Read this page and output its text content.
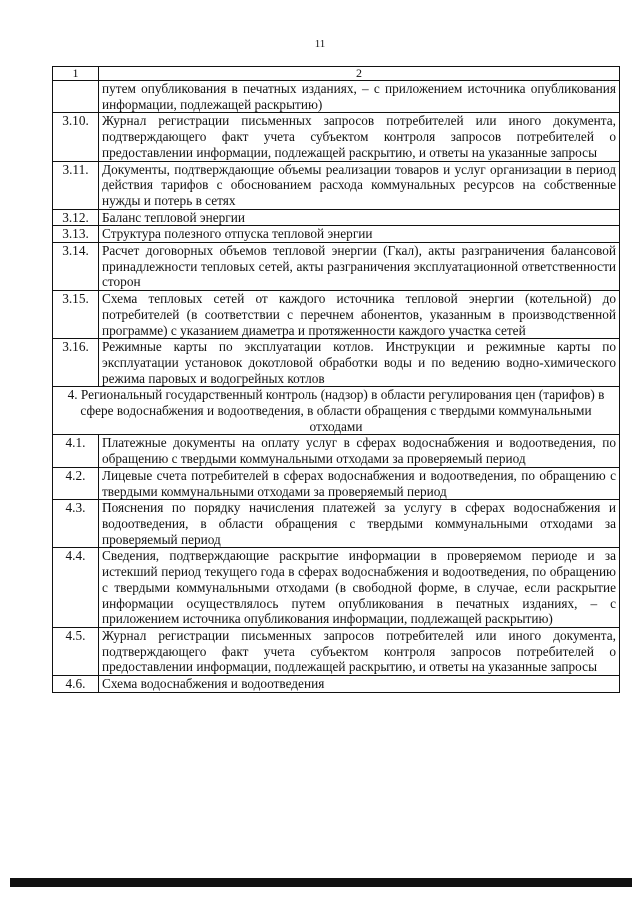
11
1	2
	путем опубликования в печатных изданиях, – с приложением источника опубликования информации, подлежащей раскрытию)
3.10.	Журнал регистрации письменных запросов потребителей или иного документа, подтверждающего факт учета субъектом контроля запросов потребителей о предоставлении информации, подлежащей раскрытию, и ответы на указанные запросы
3.11.	Документы, подтверждающие объемы реализации товаров и услуг организации в период действия тарифов с обоснованием расхода коммунальных ресурсов на собственные нужды и потерь в сетях
3.12.	Баланс тепловой энергии
3.13.	Структура полезного отпуска тепловой энергии
3.14.	Расчет договорных объемов тепловой энергии (Гкал), акты разграничения балансовой принадлежности тепловых сетей, акты разграничения эксплуатационной ответственности сторон
3.15.	Схема тепловых сетей от каждого источника тепловой энергии (котельной) до потребителей (в соответствии с перечнем абонентов, указанным в производственной программе) с указанием диаметра и протяженности каждого участка сетей
3.16.	Режимные карты по эксплуатации котлов. Инструкции и режимные карты по эксплуатации установок докотловой обработки воды и по ведению водно-химического режима паровых и водогрейных котлов
4. Региональный государственный контроль (надзор) в области регулирования цен (тарифов) в сфере водоснабжения и водоотведения, в области обращения с твердыми коммунальными отходами	
4.1.	Платежные документы на оплату услуг в сферах водоснабжения и водоотведения, по обращению с твердыми коммунальными отходами за проверяемый период
4.2.	Лицевые счета потребителей в сферах водоснабжения и водоотведения, по обращению с твердыми коммунальными отходами за проверяемый период
4.3.	Пояснения по порядку начисления платежей за услугу в сферах водоснабжения и водоотведения, в области обращения с твердыми коммунальными отходами за проверяемый период
4.4.	Сведения, подтверждающие раскрытие информации в проверяемом периоде и за истекший период текущего года в сферах водоснабжения и водоотведения, по обращению с твердыми коммунальными отходами (в свободной форме, в случае, если раскрытие информации осуществлялось путем опубликования в печатных изданиях, – с приложением источника опубликования информации, подлежащей раскрытию)
4.5.	Журнал регистрации письменных запросов потребителей или иного документа, подтверждающего факт учета субъектом контроля запросов потребителей о предоставлении информации, подлежащей раскрытию, и ответы на указанные запросы
4.6.	Схема водоснабжения и водоотведения
